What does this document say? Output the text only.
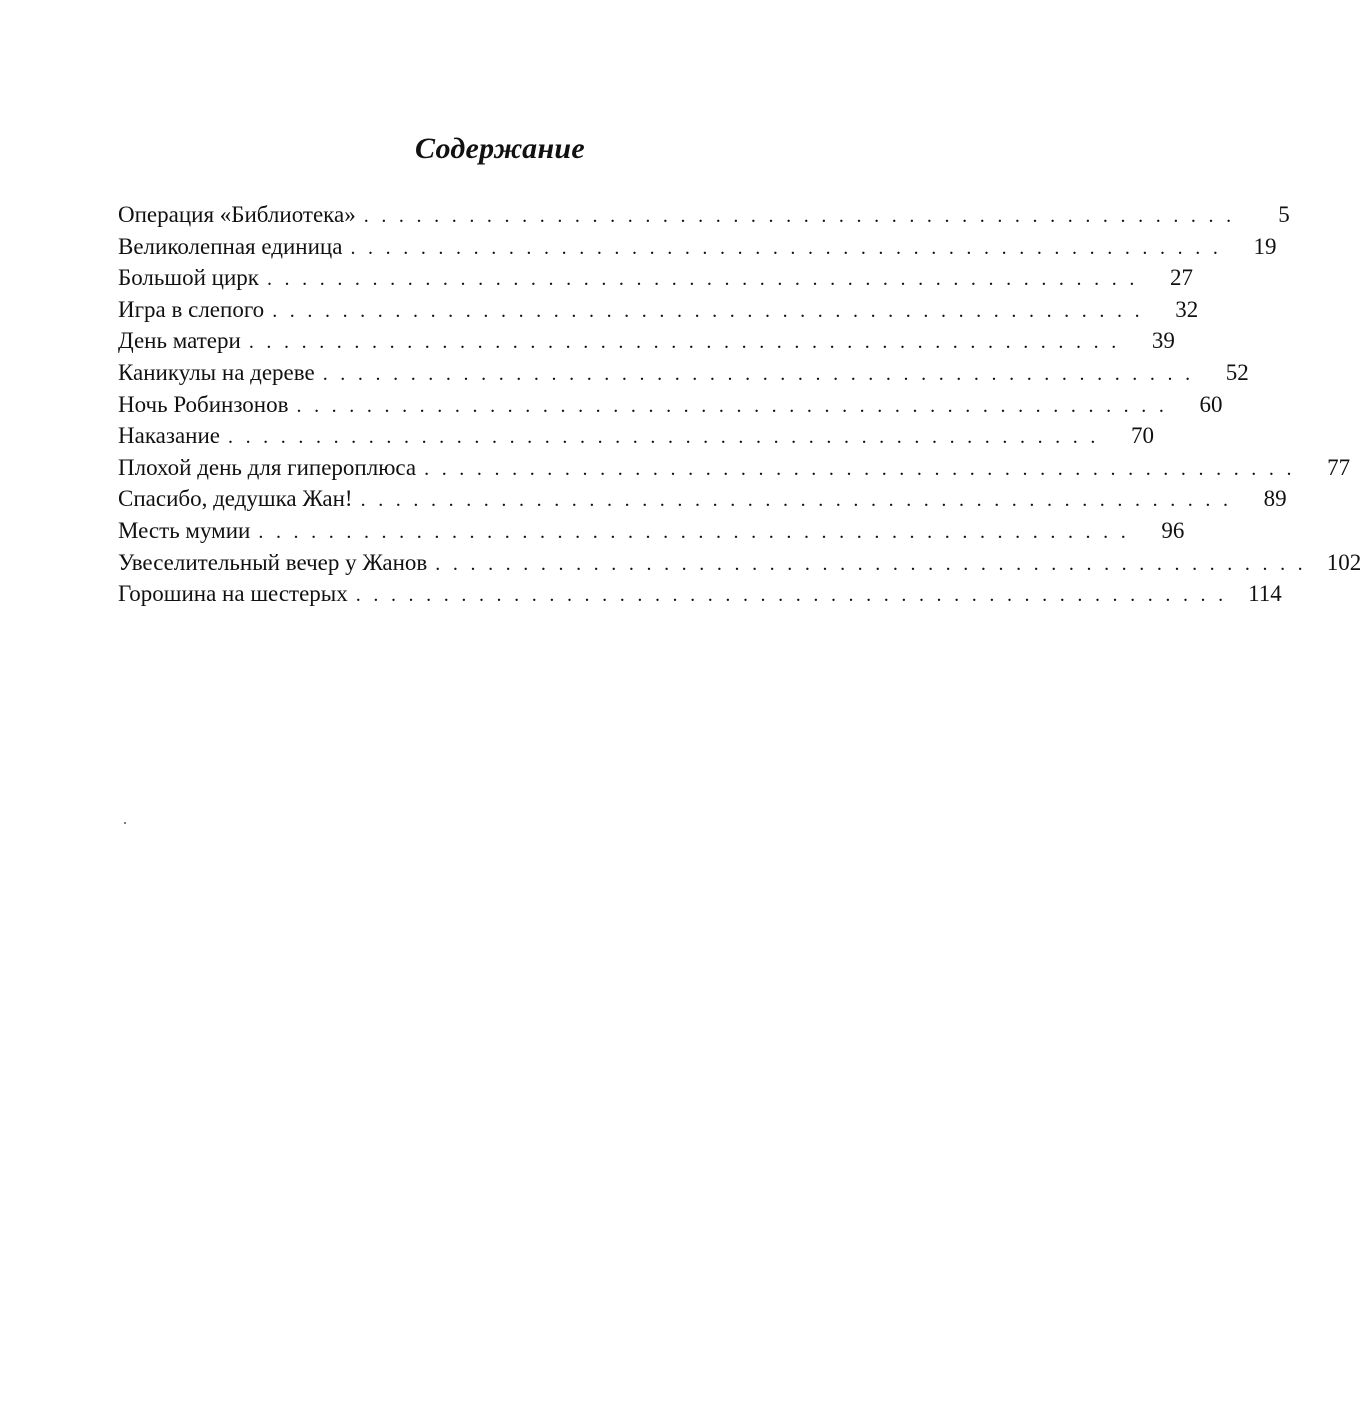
Содержание
Операция «Библиотека» ..................................................	5
Великолепная единица ..................................................	19
Большой цирк ..................................................	27
Игра в слепого ..................................................	32
День матери ..................................................	39
Каникулы на дереве ..................................................	52
Ночь Робинзонов ..................................................	60
Наказание ..................................................	70
Плохой день для гиперoплюса ..................................................	77
Спасибо, дедушка Жан! ..................................................	89
Месть мумии ..................................................	96
Увеселительный вечер у Жанов .................................................. 102
Горошина на шестерых .................................................. 114
